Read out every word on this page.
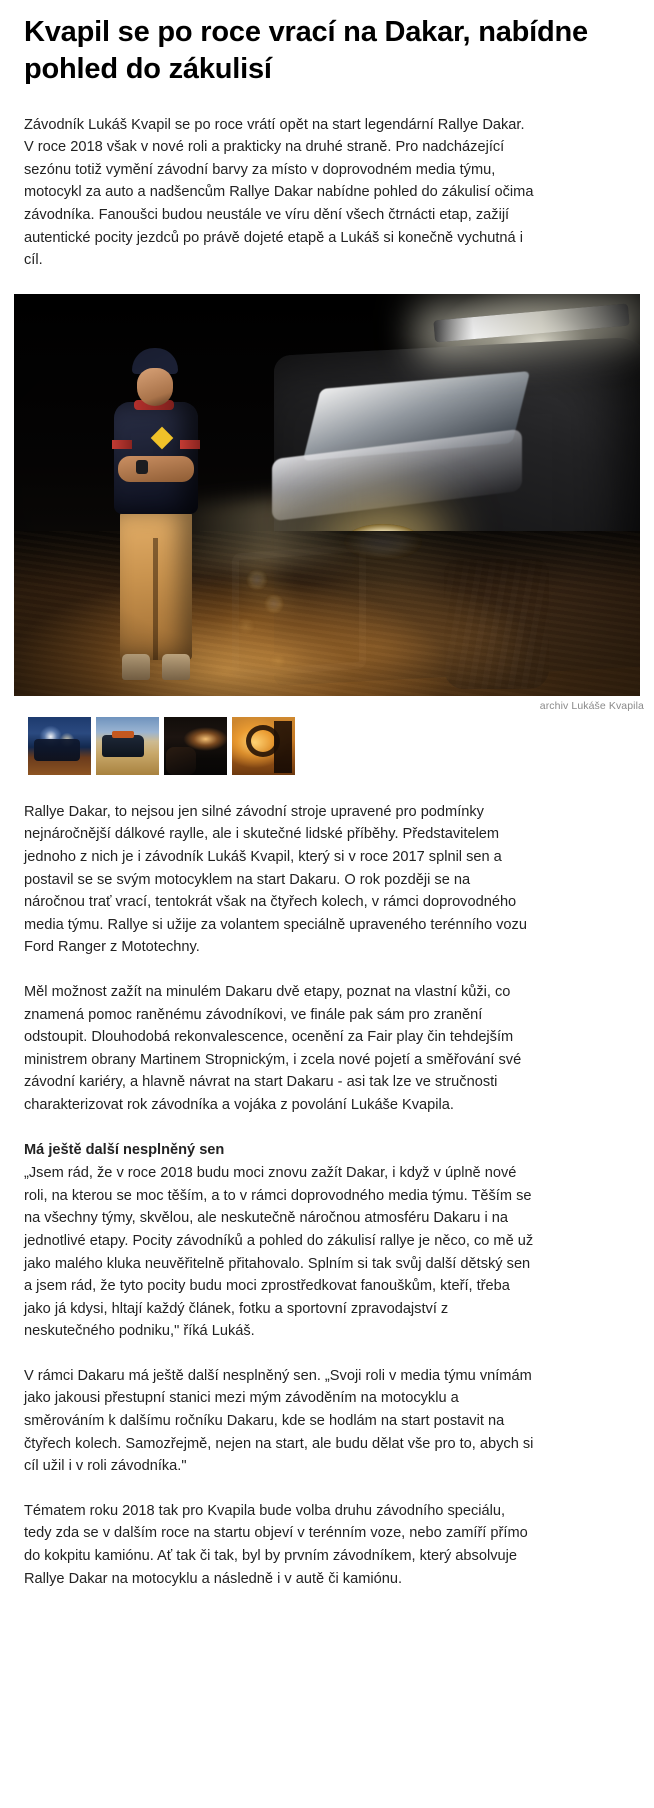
Kvapil se po roce vrací na Dakar, nabídne pohled do zákulisí

Závodník Lukáš Kvapil se po roce vrátí opět na start legendární Rallye Dakar. V roce 2018 však v nové roli a prakticky na druhé straně. Pro nadcházející sezónu totiž vymění závodní barvy za místo v doprovodném media týmu, motocykl za auto a nadšencům Rallye Dakar nabídne pohled do zákulisí očima závodníka. Fanoušci budou neustále ve víru dění všech čtrnácti etap, zažijí autentické pocity jezdců po právě dojeté etapě a Lukáš si konečně vychutná i cíl.

archiv Lukáše Kvapila

Rallye Dakar, to nejsou jen silné závodní stroje upravené pro podmínky nejnáročnější dálkové raylle, ale i skutečné lidské příběhy. Představitelem jednoho z nich je i závodník Lukáš Kvapil, který si v roce 2017 splnil sen a postavil se se svým motocyklem na start Dakaru. O rok později se na náročnou trať vrací, tentokrát však na čtyřech kolech, v rámci doprovodného media týmu. Rallye si užije za volantem speciálně upraveného terénního vozu Ford Ranger z Mototechny.

Měl možnost zažít na minulém Dakaru dvě etapy, poznat na vlastní kůži, co znamená pomoc raněnému závodníkovi, ve finále pak sám pro zranění odstoupit. Dlouhodobá rekonvalescence, ocenění za Fair play čin tehdejším ministrem obrany Martinem Stropnickým, i zcela nové pojetí a směřování své závodní kariéry, a hlavně návrat na start Dakaru - asi tak lze ve stručnosti charakterizovat rok závodníka a vojáka z povolání Lukáše Kvapila.

Má ještě další nesplněný sen

„Jsem rád, že v roce 2018 budu moci znovu zažít Dakar, i když v úplně nové roli, na kterou se moc těším, a to v rámci doprovodného media týmu. Těším se na všechny týmy, skvělou, ale neskutečně náročnou atmosféru Dakaru i na jednotlivé etapy. Pocity závodníků a pohled do zákulisí rallye je něco, co mě už jako malého kluka neuvěřitelně přitahovalo. Splním si tak svůj další dětský sen a jsem rád, že tyto pocity budu moci zprostředkovat fanouškům, kteří, třeba jako já kdysi, hltají každý článek, fotku a sportovní zpravodajství z neskutečného podniku," říká Lukáš.

V rámci Dakaru má ještě další nesplněný sen. „Svoji roli v media týmu vnímám jako jakousi přestupní stanici mezi mým závoděním na motocyklu a směrováním k dalšímu ročníku Dakaru, kde se hodlám na start postavit na čtyřech kolech. Samozřejmě, nejen na start, ale budu dělat vše pro to, abych si cíl užil i v roli závodníka."

Tématem roku 2018 tak pro Kvapila bude volba druhu závodního speciálu, tedy zda se v dalším roce na startu objeví v terénním voze, nebo zamíří přímo do kokpitu kamiónu. Ať tak či tak, byl by prvním závodníkem, který absolvuje Rallye Dakar na motocyklu a následně i v autě či kamiónu.
